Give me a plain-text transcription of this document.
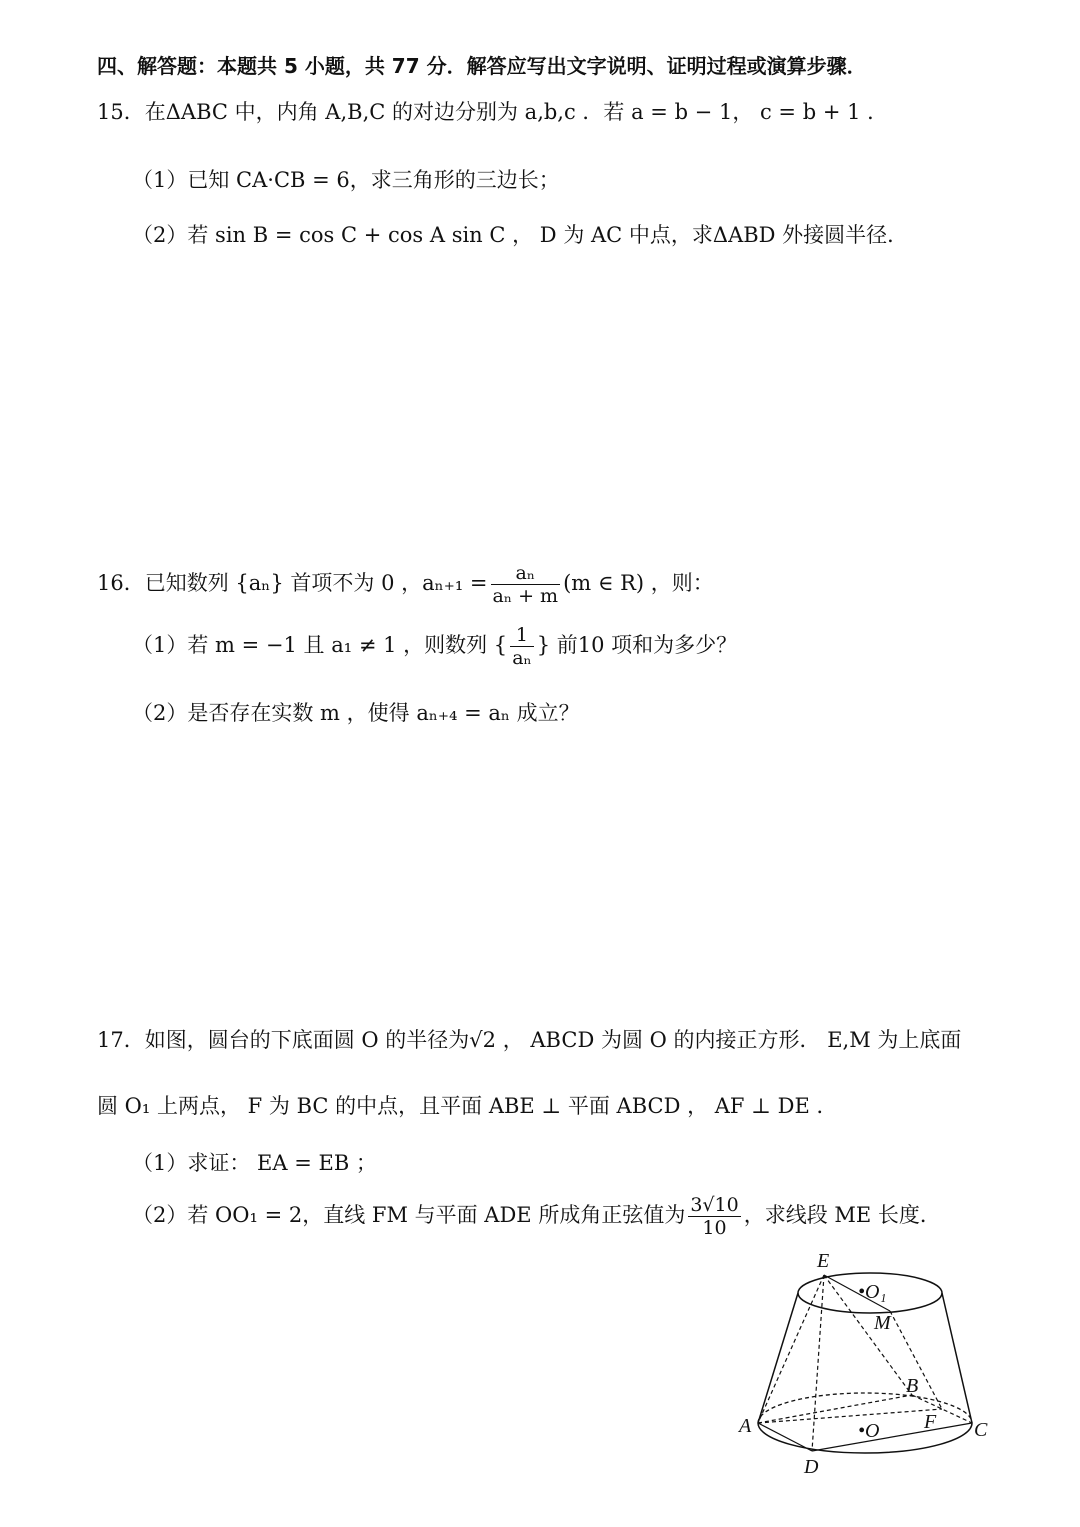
四、解答题：本题共 5 小题，共 77 分．解答应写出文字说明、证明过程或演算步骤．
15．在ΔABC 中，内角 A,B,C 的对边分别为 a,b,c ．若 a = b − 1， c = b + 1 ．
（1）已知 CA·CB = 6，求三角形的三边长；
（2）若 sin B = cos C + cos A sin C ， D 为 AC 中点，求ΔABD 外接圆半径．
16．已知数列 {aₙ} 首项不为 0 ，$a_{n+1} = \frac{\text{aₙ}}{\text{aₙ + m}} (m$ ∈ R) ，则：
（1）若 m = −1 且 a₁ ≠ 1 ，则数列 { $\frac{1}{\text{aₙ}}$ } 前10 项和为多少？
（2）是否存在实数 m ，使得 aₙ₊₄ = aₙ 成立？
17．如图，圆台的下底面圆 O 的半径为√2 ， ABCD 为圆 O 的内接正方形． E,M 为上底面
圆 O₁ 上两点， F 为 BC 的中点，且平面 ABE ⊥ 平面 ABCD ， AF ⊥ DE ．
（1）求证： EA = EB ；
（2）若 OO₁ = 2，直线 FM 与平面 ADE 所成角正弦值为 $\frac{3√10}{10}$ ，求线段 ME 长度．
E
•O₁
M
B
A	F
•O	C
D
